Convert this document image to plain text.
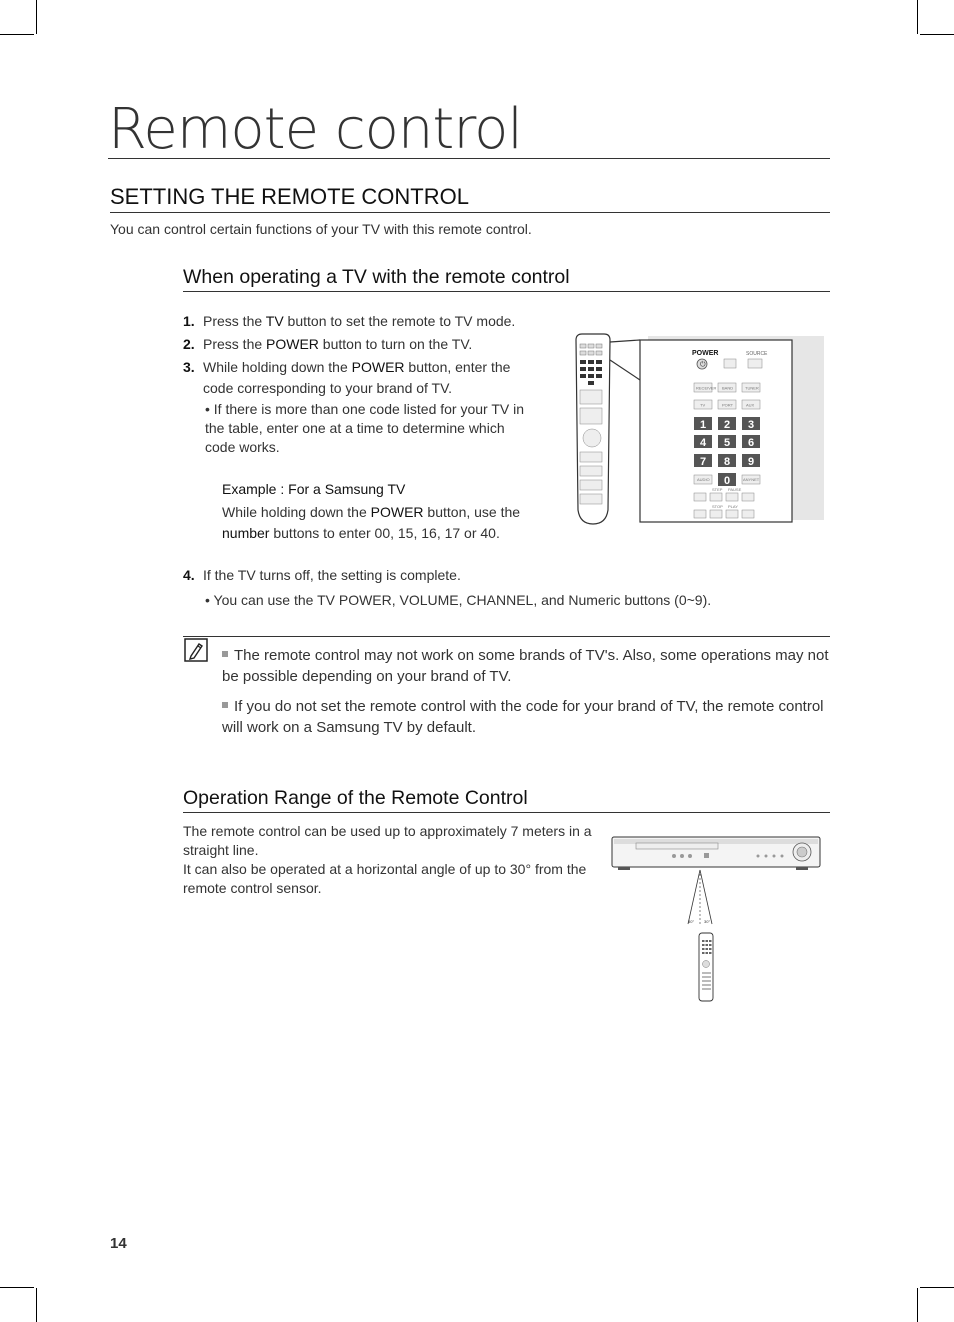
Remote control
SETTING THE REMOTE CONTROL
You can control certain functions of your TV with this remote control.
When operating a TV with the remote control
1. Press the TV button to set the remote to TV mode.
2. Press the POWER button to turn on the TV.
3. While holding down the POWER button, enter the
code corresponding to your brand of TV.
• If there is more than one code listed for your TV in the table, enter one at a time to determine which code works.
Example : For a Samsung TV
While holding down the POWER button, use the number buttons to enter 00, 15, 16, 17 or 40.
4. If the TV turns off, the setting is complete.
• You can use the TV POWER, VOLUME, CHANNEL, and Numeric buttons (0~9).
POWER
⏻
SOURCE
RECEIVER BAND	TUNER
TV	PORT	AUX
1 2 3
4 5 6
7 8 9
0
AUDIO	ANYNET
STEP PAUSE
STOP PLAY
The remote control may not work on some brands of TV's. Also, some operations may not be possible depending on your brand of TV.
If you do not set the remote control with the code for your brand of TV, the remote control will work on a Samsung TV by default.
Operation Range of the Remote Control
The remote control can be used up to approximately 7 meters in a straight line.
It can also be operated at a horizontal angle of up to 30° from the remote control sensor.
30° 30°
14
